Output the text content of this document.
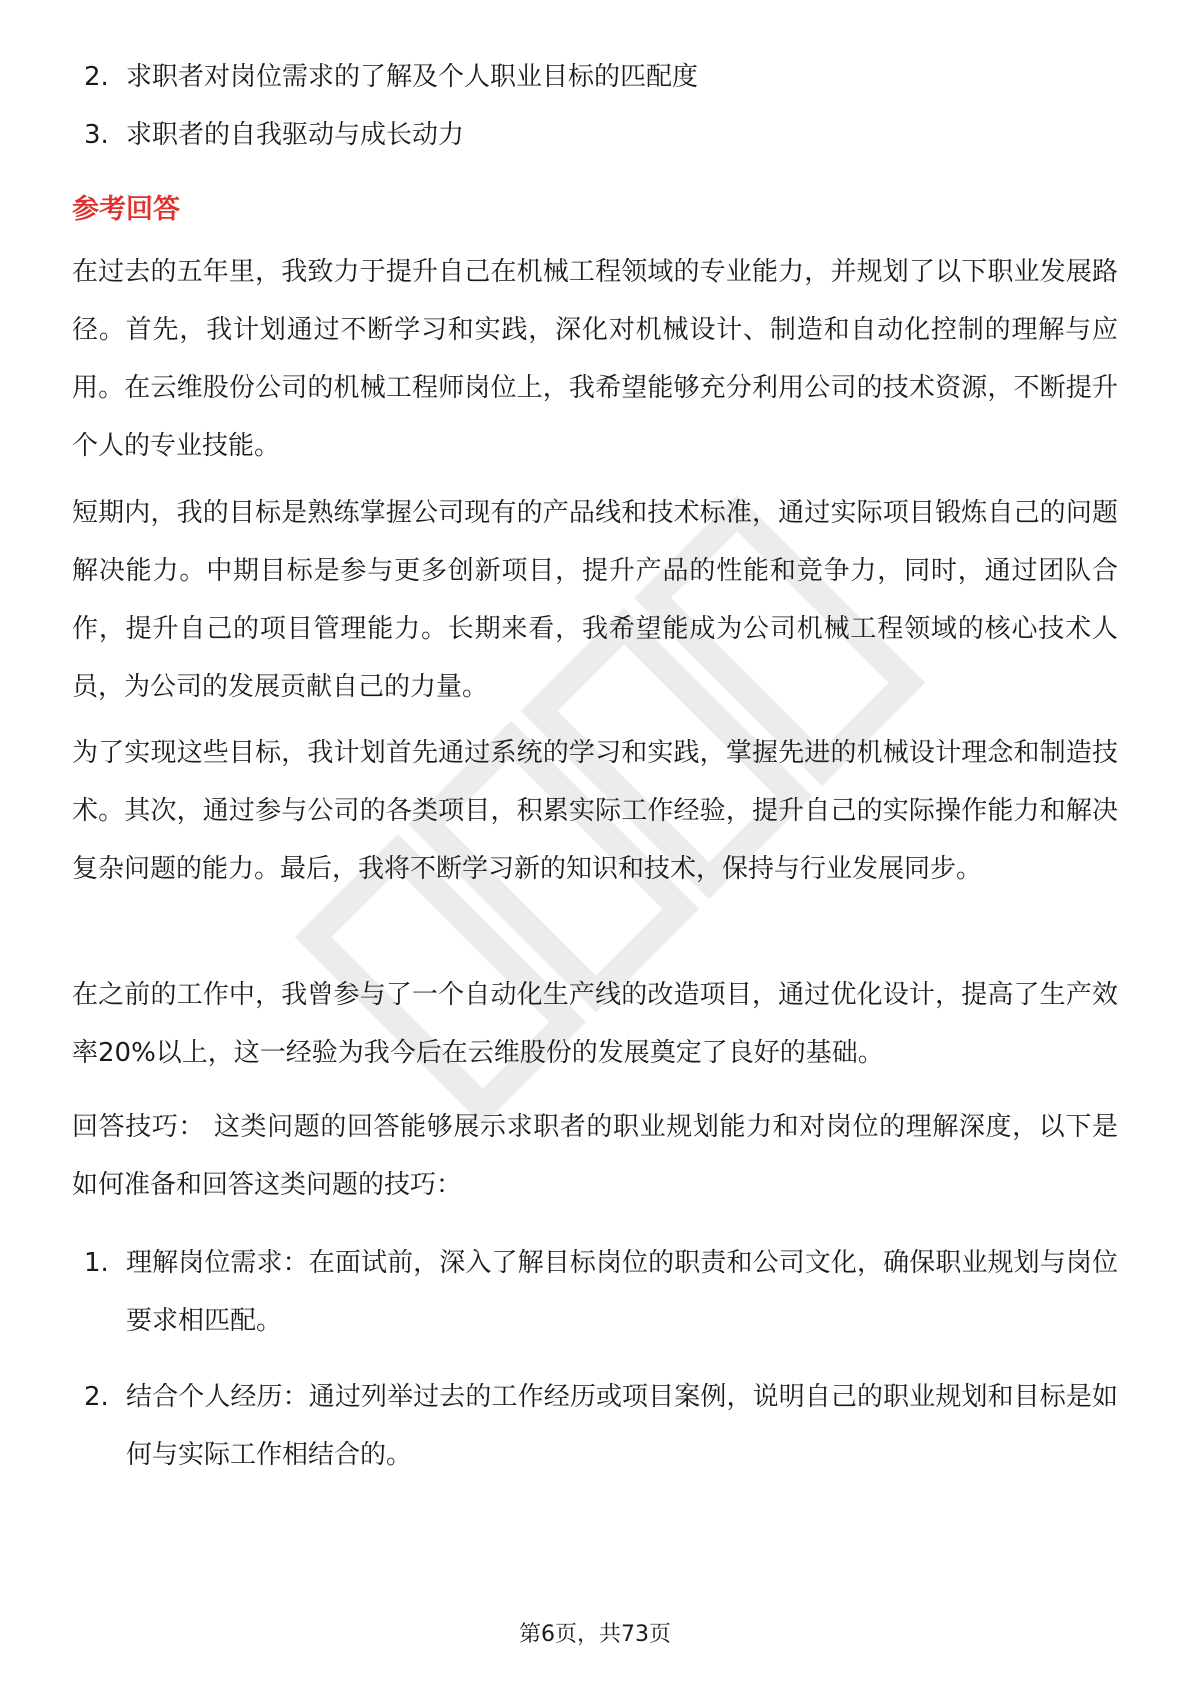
2. 求职者对岗位需求的了解及个人职业目标的匹配度
3. 求职者的自我驱动与成长动力
参考回答

在过去的五年里，我致力于提升自己在机械工程领域的专业能力，并规划了以下职业发展路径。首先，我计划通过不断学习和实践，深化对机械设计、制造和自动化控制的理解与应用。在云维股份公司的机械工程师岗位上，我希望能够充分利用公司的技术资源，不断提升个人的专业技能。

短期内，我的目标是熟练掌握公司现有的产品线和技术标准，通过实际项目锻炼自己的问题解决能力。中期目标是参与更多创新项目，提升产品的性能和竞争力，同时，通过团队合作，提升自己的项目管理能力。长期来看，我希望能成为公司机械工程领域的核心技术人员，为公司的发展贡献自己的力量。

为了实现这些目标，我计划首先通过系统的学习和实践，掌握先进的机械设计理念和制造技术。其次，通过参与公司的各类项目，积累实际工作经验，提升自己的实际操作能力和解决复杂问题的能力。最后，我将不断学习新的知识和技术，保持与行业发展同步。

在之前的工作中，我曾参与了一个自动化生产线的改造项目，通过优化设计，提高了生产效率20%以上，这一经验为我今后在云维股份的发展奠定了良好的基础。

回答技巧： 这类问题的回答能够展示求职者的职业规划能力和对岗位的理解深度，以下是如何准备和回答这类问题的技巧：

1. 理解岗位需求：在面试前，深入了解目标岗位的职责和公司文化，确保职业规划与岗位要求相匹配。
2. 结合个人经历：通过列举过去的工作经历或项目案例，说明自己的职业规划和目标是如何与实际工作相结合的。
第6页，共73页
